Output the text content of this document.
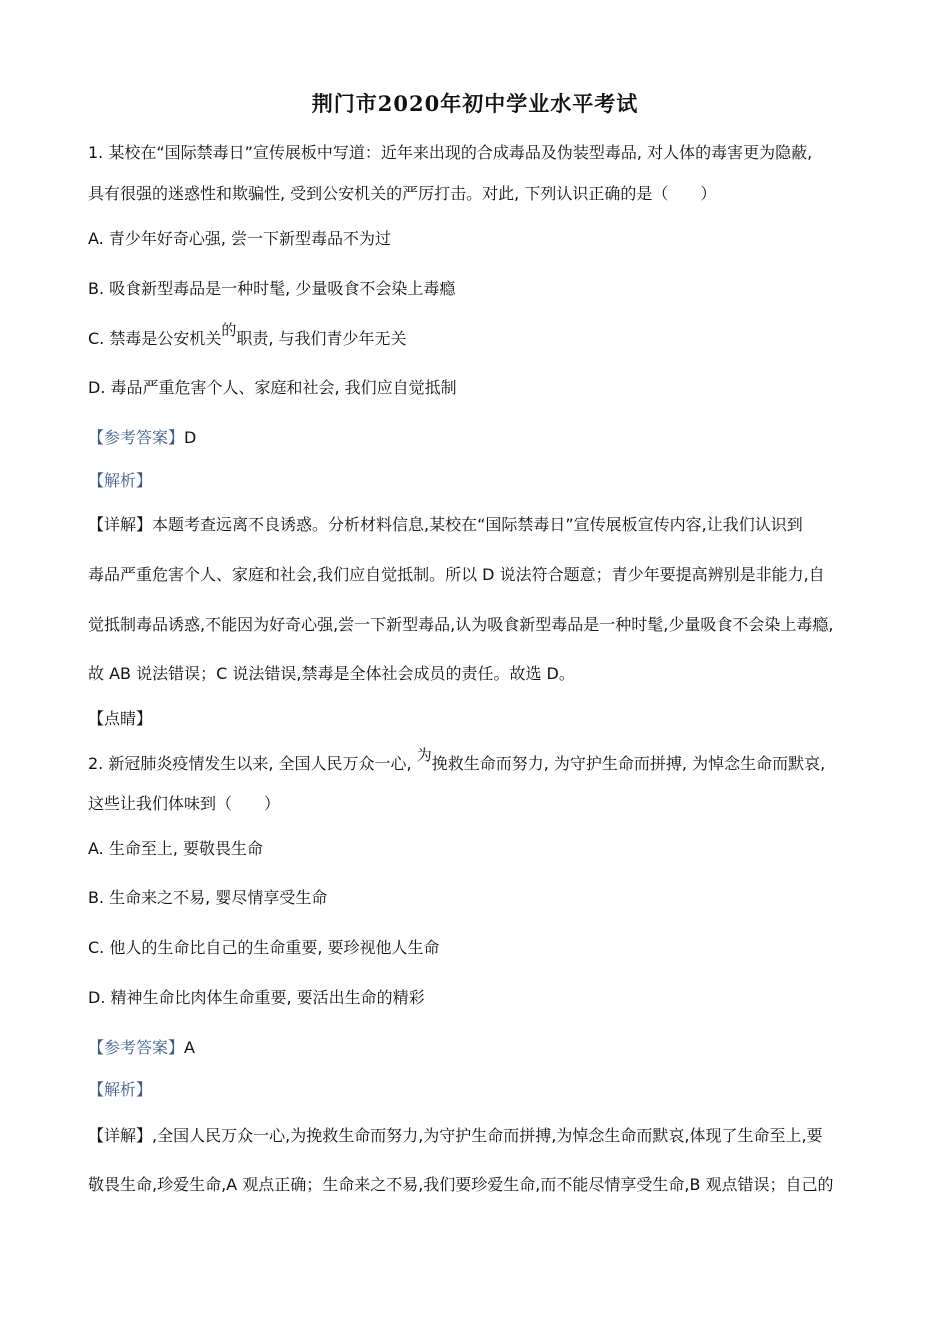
荆门市2020年初中学业水平考试
1. 某校在“国际禁毒日”宣传展板中写道：近年来出现的合成毒品及伪装型毒品, 对人体的毒害更为隐蔽,
具有很强的迷惑性和欺骗性, 受到公安机关的严厉打击。对此, 下列认识正确的是（　　）
A. 青少年好奇心强, 尝一下新型毒品不为过
B. 吸食新型毒品是一种时髦, 少量吸食不会染上毒瘾
C. 禁毒是公安机关的职责, 与我们青少年无关
D. 毒品严重危害个人、家庭和社会, 我们应自觉抵制
【参考答案】D
【解析】
【详解】本题考查远离不良诱惑。分析材料信息,某校在“国际禁毒日”宣传展板宣传内容,让我们认识到
毒品严重危害个人、家庭和社会,我们应自觉抵制。所以 D 说法符合题意；青少年要提高辨别是非能力,自
觉抵制毒品诱惑,不能因为好奇心强,尝一下新型毒品,认为吸食新型毒品是一种时髦,少量吸食不会染上毒瘾,
故 AB 说法错误；C 说法错误,禁毒是全体社会成员的责任。故选 D。
【点睛】
2. 新冠肺炎疫情发生以来, 全国人民万众一心, 为挽救生命而努力, 为守护生命而拼搏, 为悼念生命而默哀,
这些让我们体味到（　　）
A. 生命至上, 要敬畏生命
B. 生命来之不易, 婴尽情享受生命
C. 他人的生命比自己的生命重要, 要珍视他人生命
D. 精神生命比肉体生命重要, 要活出生命的精彩
【参考答案】A
【解析】
【详解】,全国人民万众一心,为挽救生命而努力,为守护生命而拼搏,为悼念生命而默哀,体现了生命至上,要
敬畏生命,珍爱生命,A 观点正确；生命来之不易,我们要珍爱生命,而不能尽情享受生命,B 观点错误；自己的
